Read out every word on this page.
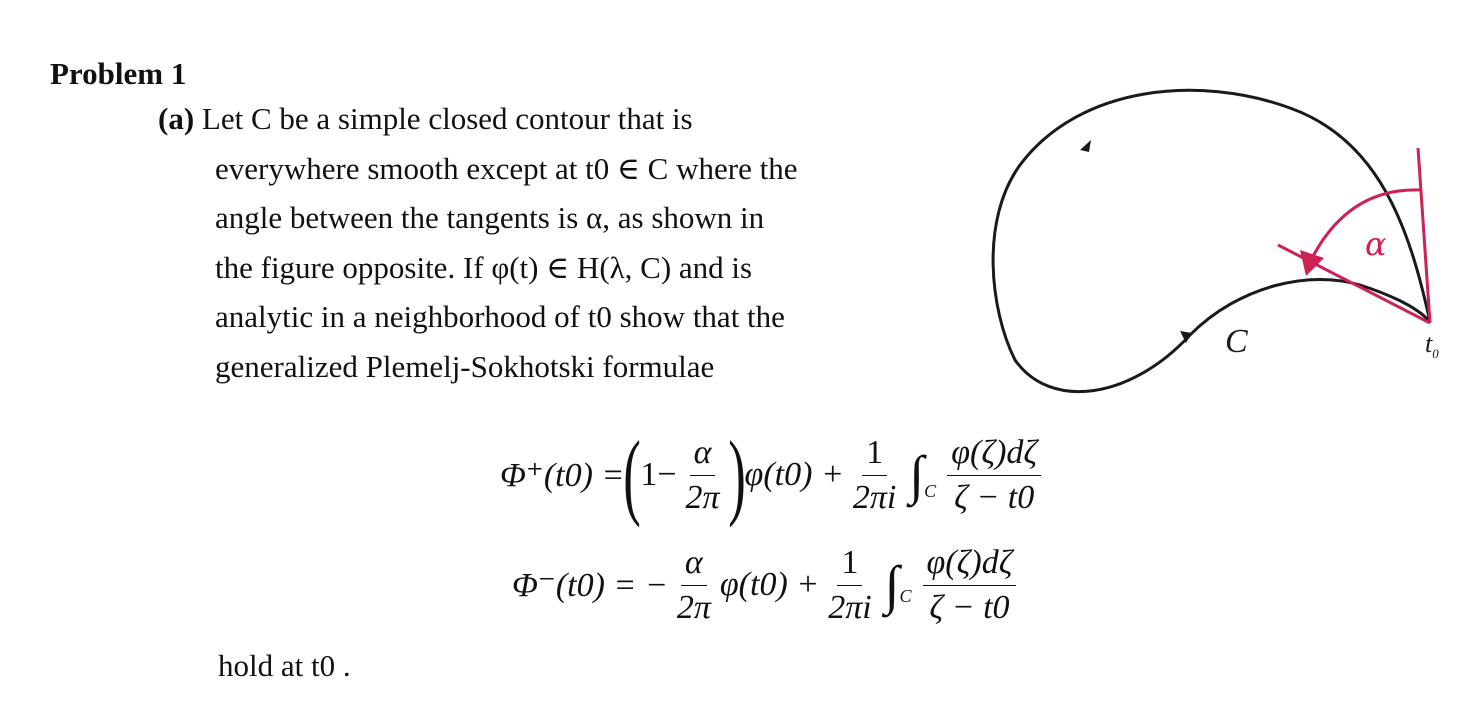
Problem 1
(a) Let C be a simple closed contour that is
everywhere smooth except at t0 ∈ C where the
angle between the tangents is α, as shown in
the figure opposite. If φ(t) ∈ H(λ, C) and is
analytic in a neighborhood of t0 show that the
generalized Plemelj-Sokhotski formulae
α
C	$t_0$
Φ⁺(t0) = ( $1- \frac{\alpha}{2\pi}$ ) $\varphi(t0) + \frac{1}{2\pi i}$ ∫ C $\frac{\varphi(\zeta)d\zeta}{\zeta - t0}$
Φ⁻(t0) = − $\frac{\alpha}{2\pi} \varphi(t0) + \frac{1}{2\pi i}$ ∫ C $\frac{\varphi(\zeta)d\zeta}{\zeta - t0}$
hold at t0 .
